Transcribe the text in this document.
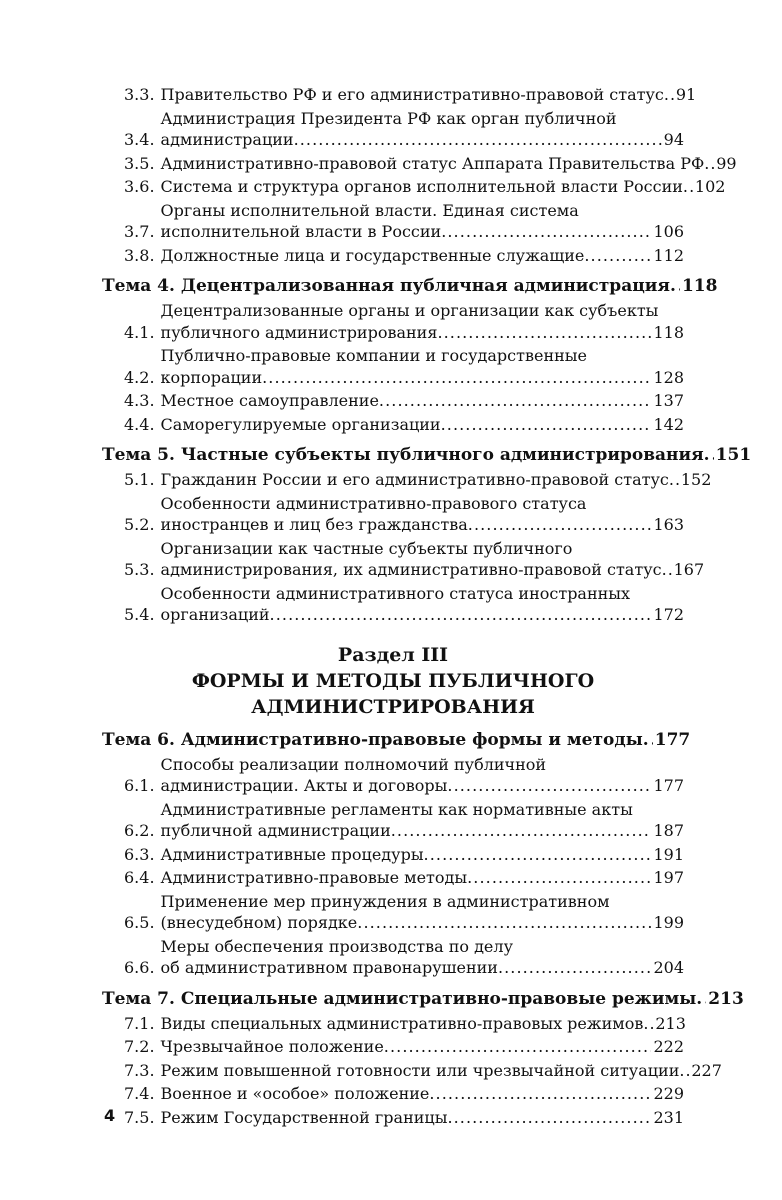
3.3. Правительство РФ и его административно-правовой статус . . . 91
3.4.
Администрация Президента РФ как орган публичной
администрации . . .	94
3.5. Административно-правовой статус Аппарата Правительства РФ . . . 99
3.6. Система и структура органов исполнительной власти России . . . 102
3.7.
Органы исполнительной власти. Единая система
исполнительной власти в России . . .	106
3.8. Должностные лица и государственные служащие . . .	112
Тема 4. Децентрализованная публичная администрация . . . 118
4.1.
Децентрализованные органы и организации как субъекты
публичного администрирования . . .	118
4.2.
Публично-правовые компании и государственные
корпорации . . .	128
4.3. Местное самоуправление . . .	137
4.4. Саморегулируемые организации . . .	142
Тема 5. Частные субъекты публичного администрирования . . . 151
5.1. Гражданин России и его административно-правовой статус . . . 152
5.2.
Особенности административно-правового статуса
иностранцев и лиц без гражданства . . .	163
5.3.
Организации как частные субъекты публичного
администрирования, их административно-правовой статус . . . 167
5.4.
Особенности административного статуса иностранных
организаций . . .	172
Раздел III
ФОРМЫ И МЕТОДЫ ПУБЛИЧНОГО
АДМИНИСТРИРОВАНИЯ
Тема 6. Административно-правовые формы и методы . . . 177
6.1.
Способы реализации полномочий публичной
администрации. Акты и договоры . . .	177
6.2.
Административные регламенты как нормативные акты
публичной администрации . . .	187
6.3. Административные процедуры . . .	191
6.4. Административно-правовые методы . . .	197
6.5.
Применение мер принуждения в административном
(внесудебном) порядке . . .	199
6.6.
Меры обеспечения производства по делу
об административном правонарушении . . .	204
Тема 7. Специальные административно-правовые режимы . . . 213
7.1. Виды специальных административно-правовых режимов . . . 213
7.2. Чрезвычайное положение . . .	222
7.3. Режим повышенной готовности или чрезвычайной ситуации . . . 227
7.4. Военное и «особое» положение . . .	229
7.5. Режим Государственной границы . . .	231
4
